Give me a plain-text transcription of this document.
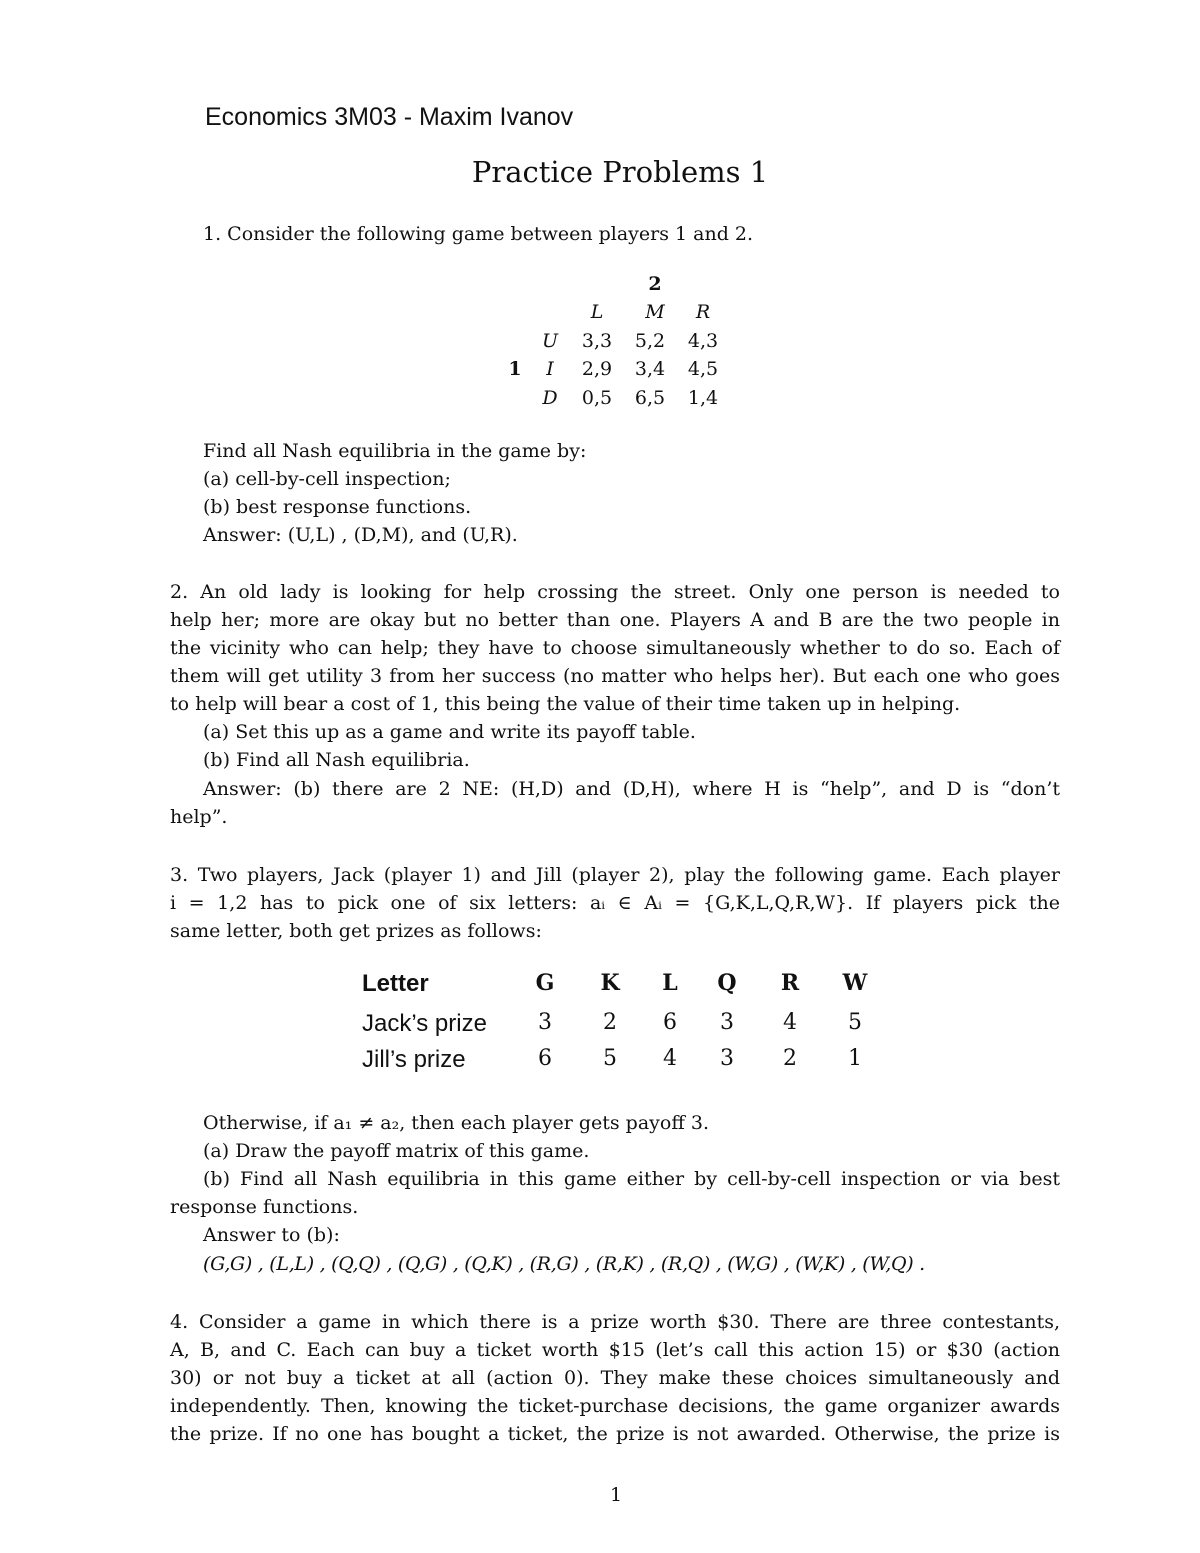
Economics 3M03 - Maxim Ivanov
Practice Problems 1
1. Consider the following game between players 1 and 2.
2
L	M	R
1
U	3,3	5,2	4,3
I	2,9	3,4	4,5
D	0,5	6,5	1,4
Find all Nash equilibria in the game by:
(a) cell-by-cell inspection;
(b) best response functions.
Answer: (U,L) , (D,M), and (U,R).
2. An old lady is looking for help crossing the street. Only one person is needed to
help her; more are okay but no better than one. Players A and B are the two people in
the vicinity who can help; they have to choose simultaneously whether to do so. Each of
them will get utility 3 from her success (no matter who helps her). But each one who goes
to help will bear a cost of 1, this being the value of their time taken up in helping.
(a) Set this up as a game and write its payoff table.
(b) Find all Nash equilibria.
Answer: (b) there are 2 NE: (H,D) and (D,H), where H is “help”, and D is “don’t
help”.
3. Two players, Jack (player 1) and Jill (player 2), play the following game. Each player
i = 1,2 has to pick one of six letters: aᵢ ∈ Aᵢ = {G,K,L,Q,R,W}. If players pick the
same letter, both get prizes as follows:
Letter	G	K	L	Q	R	W
Jack’s prize	3	2	6	3	4	5
Jill’s prize	6	5	4	3	2	1
Otherwise, if a₁ ≠ a₂, then each player gets payoff 3.
(a) Draw the payoff matrix of this game.
(b) Find all Nash equilibria in this game either by cell-by-cell inspection or via best
response functions.
Answer to (b):
(G,G) , (L,L) , (Q,Q) , (Q,G) , (Q,K) , (R,G) , (R,K) , (R,Q) , (W,G) , (W,K) , (W,Q) .
4. Consider a game in which there is a prize worth $30. There are three contestants,
A, B, and C. Each can buy a ticket worth $15 (let’s call this action 15) or $30 (action
30) or not buy a ticket at all (action 0). They make these choices simultaneously and
independently. Then, knowing the ticket-purchase decisions, the game organizer awards
the prize. If no one has bought a ticket, the prize is not awarded. Otherwise, the prize is
1
